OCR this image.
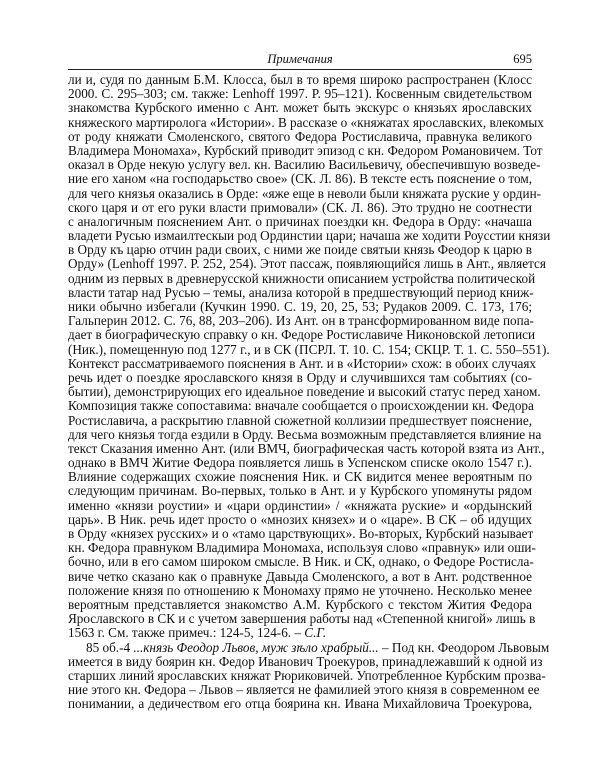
Примечания	695
ли и, судя по данным Б.М. Клосса, был в то время широко распространен (Клосс
2000. С. 295–303; см. также: Lenhoff 1997. P. 95–121). Косвенным свидетельством
знакомства Курбского именно с Ант. может быть экскурс о князьях ярославских
княжеского мартиролога «Истории». В рассказе о «княжатах ярославских, влекомых
от роду княжати Смоленского, святого Федора Ростиславича, правнука великого
Владимера Мономаха», Курбский приводит эпизод с кн. Федором Романовичем. Тот
оказал в Орде некую услугу вел. кн. Василию Васильевичу, обеспечившую возведе-
ние его ханом «на господарьство свое» (СК. Л. 86). В тексте есть пояснение о том,
для чего князья оказались в Орде: «яже еще в неволи были княжата руские у ордин-
ского царя и от его руки власти примовали» (СК. Л. 86). Это трудно не соотнести
с аналогичным пояснением Ант. о причинах поездки кн. Федора в Орду: «начаша
владети Русью измаилтескыи род Ординстии цари; начаша же ходити Роусстии князи
в Орду къ царю отчин ради своих, с ними же поиде святыи князь Феодор к царю в
Орду» (Lenhoff 1997. P. 252, 254). Этот пассаж, появляющийся лишь в Ант., является
одним из первых в древнерусской книжности описанием устройства политической
власти татар над Русью – темы, анализа которой в предшествующий период книж-
ники обычно избегали (Кучкин 1990. С. 19, 20, 25, 53; Рудаков 2009. С. 173, 176;
Гальперин 2012. С. 76, 88, 203–206). Из Ант. он в трансформированном виде попа-
дает в биографическую справку о кн. Федоре Ростиславиче Никоновской летописи
(Ник.), помещенную под 1277 г., и в СК (ПСРЛ. Т. 10. С. 154; СКЦР. Т. 1. С. 550–551).
Контекст рассматриваемого пояснения в Ант. и в «Истории» схож: в обоих случаях
речь идет о поездке ярославского князя в Орду и случившихся там событиях (со-
бытии), демонстрирующих его идеальное поведение и высокий статус перед ханом.
Композиция также сопоставима: вначале сообщается о происхождении кн. Федора
Ростиславича, а раскрытию главной сюжетной коллизии предшествует пояснение,
для чего князья тогда ездили в Орду. Весьма возможным представляется влияние на
текст Сказания именно Ант. (или ВМЧ, биографическая часть которой взята из Ант.,
однако в ВМЧ Житие Федора появляется лишь в Успенском списке около 1547 г.).
Влияние содержащих схожие пояснения Ник. и СК видится менее вероятным по
следующим причинам. Во-первых, только в Ант. и у Курбского упомянуты рядом
именно «князи роустии» и «цари ординстии» / «княжата руские» и «ордынский
царь». В Ник. речь идет просто о «мнозих князех» и о «царе». В СК – об идущих
в Орду «князех русских» и о «тамо царствующих». Во-вторых, Курбский называет
кн. Федора правнуком Владимира Мономаха, используя слово «правнук» или оши-
бочно, или в его самом широком смысле. В Ник. и СК, однако, о Федоре Ростисла-
виче четко сказано как о правнуке Давыда Смоленского, а вот в Ант. родственное
положение князя по отношению к Мономаху прямо не уточнено. Несколько менее
вероятным представляется знакомство А.М. Курбского с текстом Жития Федора
Ярославского в СК и с учетом завершения работы над «Степенной книгой» лишь в
1563 г. См. также примеч.: 124-5, 124-6. – С.Г.
85 об.-4 ...князь Феодор Львов, муж зѣло храбрый... – Под кн. Феодором Львовым
имеется в виду боярин кн. Федор Иванович Троекуров, принадлежавший к одной из
старших линий ярославских княжат Рюриковичей. Употребленное Курбским прозва-
ние этого кн. Федора – Львов – является не фамилией этого князя в современном ее
понимании, а дедичеством его отца боярина кн. Ивана Михайловича Троекурова,
